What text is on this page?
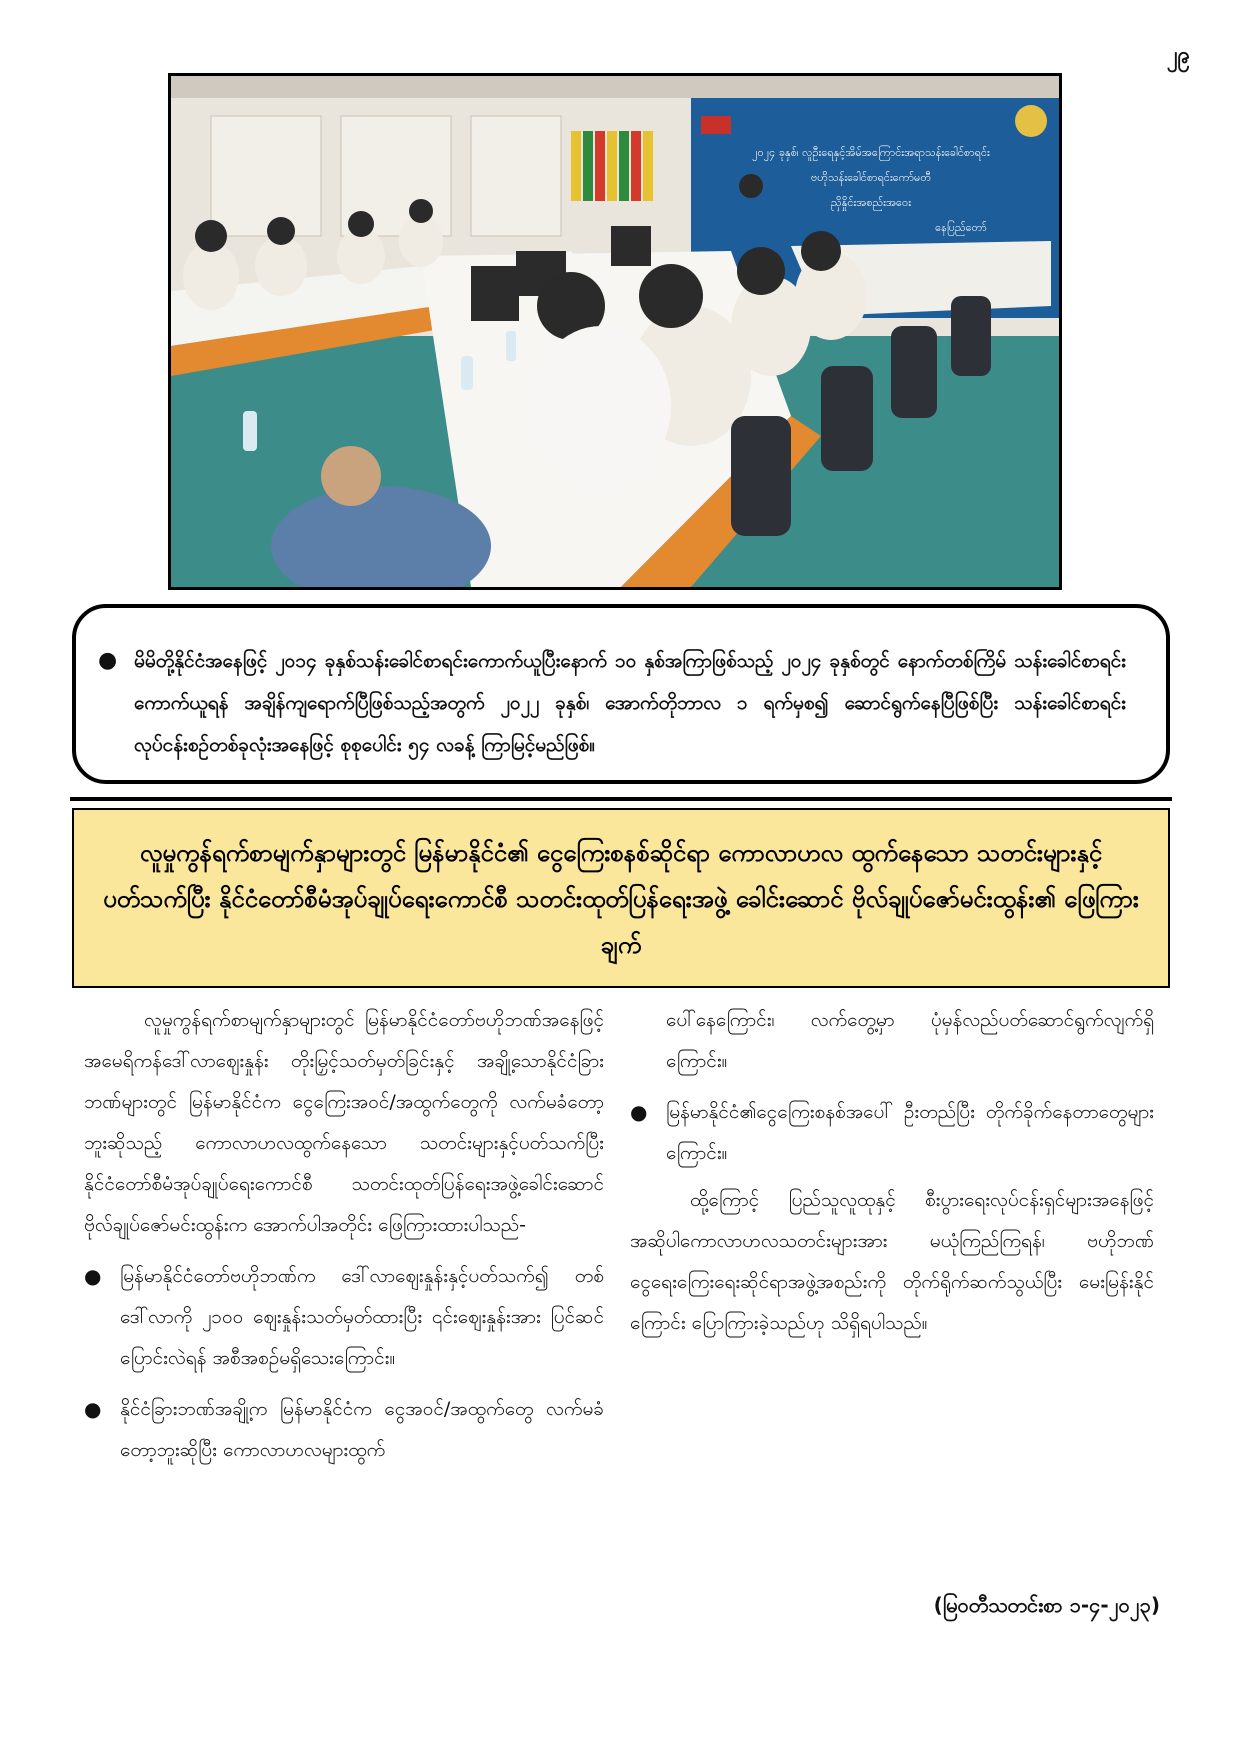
၂၉
၂၀၂၄ ခုနှစ်၊ လူဦးရေနှင့်အိမ်အကြောင်းအရာသန်းခေါင်စာရင်း
ဗဟိုသန်းခေါင်စာရင်းကော်မတီ
ညှိနှိုင်းအစည်းအဝေး
နေပြည်တော်
● မိမိတို့နိုင်ငံအနေဖြင့် ၂၀၁၄ ခုနှစ်သန်းခေါင်စာရင်းကောက်ယူပြီးနောက် ၁၀ နှစ်အကြာဖြစ်သည့် ၂၀၂၄ ခုနှစ်တွင် နောက်တစ်ကြိမ် သန်းခေါင်စာရင်းကောက်ယူရန် အချိန်ကျရောက်ပြီဖြစ်သည့်အတွက် ၂၀၂၂ ခုနှစ်၊ အောက်တိုဘာလ ၁ ရက်မှစ၍ ဆောင်ရွက်နေပြီဖြစ်ပြီး သန်းခေါင်စာရင်းလုပ်ငန်းစဉ်တစ်ခုလုံးအနေဖြင့် စုစုပေါင်း ၅၄ လခန့် ကြာမြင့်မည်ဖြစ်။
လူမှုကွန်ရက်စာမျက်နှာများတွင် မြန်မာနိုင်ငံ၏ ငွေကြေးစနစ်ဆိုင်ရာ ကောလာဟလ ထွက်နေသော သတင်းများနှင့်ပတ်သက်ပြီး နိုင်ငံတော်စီမံအုပ်ချုပ်ရေးကောင်စီ သတင်းထုတ်ပြန်ရေးအဖွဲ့ ခေါင်းဆောင် ဗိုလ်ချုပ်ဇော်မင်းထွန်း၏ ဖြေကြားချက်

လူမှုကွန်ရက်စာမျက်နှာများတွင် မြန်မာနိုင်ငံတော်ဗဟိုဘဏ်အနေဖြင့် အမေရိကန်ဒေါ်လာဈေးနှုန်း တိုးမြှင့်သတ်မှတ်ခြင်းနှင့် အချို့သောနိုင်ငံခြားဘဏ်များတွင် မြန်မာနိုင်ငံက ငွေကြေးအဝင်/အထွက်တွေကို လက်မခံတော့ဘူးဆိုသည့် ကောလာဟလထွက်နေသော သတင်းများနှင့်ပတ်သက်ပြီး နိုင်ငံတော်စီမံအုပ်ချုပ်ရေးကောင်စီ သတင်းထုတ်ပြန်ရေးအဖွဲ့ခေါင်းဆောင် ဗိုလ်ချုပ်ဇော်မင်းထွန်းက အောက်ပါအတိုင်း ဖြေကြားထားပါသည်-

● မြန်မာနိုင်ငံတော်ဗဟိုဘဏ်က ဒေါ်လာဈေးနှုန်းနှင့်ပတ်သက်၍ တစ်ဒေါ်လာကို ၂၁၀၀ ဈေးနှုန်းသတ်မှတ်ထားပြီး ၎င်းဈေးနှုန်းအား ပြင်ဆင်ပြောင်းလဲရန် အစီအစဉ်မရှိသေးကြောင်း။
● နိုင်ငံခြားဘဏ်အချို့က မြန်မာနိုင်ငံက ငွေအဝင်/အထွက်တွေ လက်မခံတော့ဘူးဆိုပြီး ကောလာဟလများထွက်
ပေါ်နေကြောင်း၊ လက်တွေ့မှာ ပုံမှန်လည်ပတ်ဆောင်ရွက်လျက်ရှိကြောင်း။
● မြန်မာနိုင်ငံ၏ငွေကြေးစနစ်အပေါ် ဦးတည်ပြီး တိုက်ခိုက်နေတာတွေများကြောင်း။

ထို့ကြောင့် ပြည်သူလူထုနှင့် စီးပွားရေးလုပ်ငန်းရှင်များအနေဖြင့် အဆိုပါကောလာဟလသတင်းများအား မယုံကြည်ကြရန်၊ ဗဟိုဘဏ်ငွေရေးကြေးရေးဆိုင်ရာအဖွဲ့အစည်းကို တိုက်ရိုက်ဆက်သွယ်ပြီး မေးမြန်းနိုင်ကြောင်း ပြောကြားခဲ့သည်ဟု သိရှိရပါသည်။

(မြဝတီသတင်းစာ ၁-၄-၂၀၂၃)
